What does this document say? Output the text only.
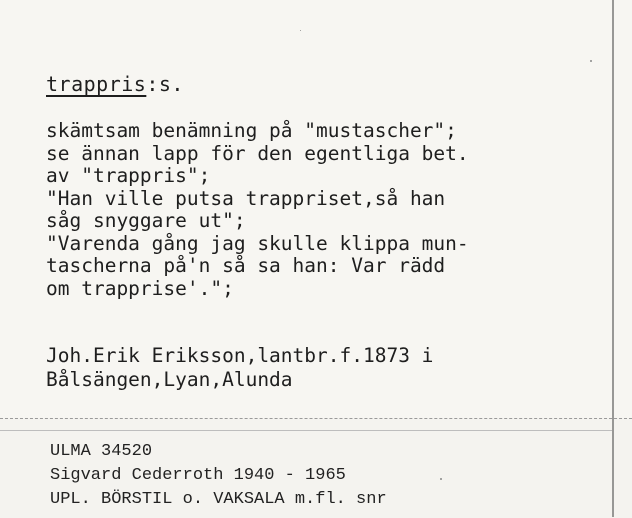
trappris:s.
skämtsam benämning på "mustascher";
se ännan lapp för den egentliga bet.
av "trappris";
"Han ville putsa trappriset,så han
såg snyggare ut";
"Varenda gång jag skulle klippa mun-
tascherna på'n så sa han: Var rädd
om trapprise'.";
Joh.Erik Eriksson,lantbr.f.1873 i
Bålsängen,Lyan,Alunda
ULMA 34520
Sigvard Cederroth 1940 - 1965
UPL. BÖRSTIL o. VAKSALA m.fl. snr
